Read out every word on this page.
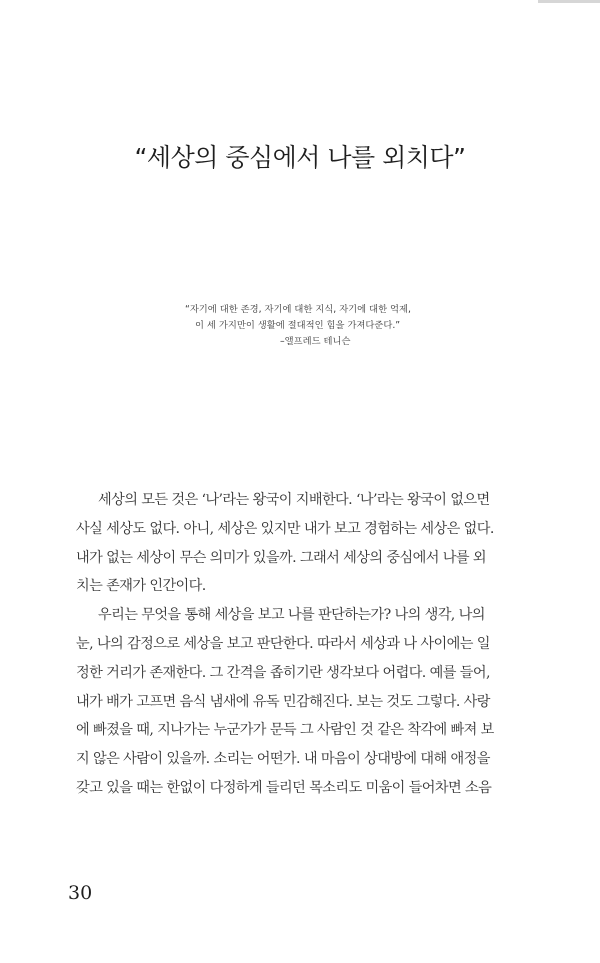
“세상의 중심에서 나를 외치다”
“자기에 대한 존경, 자기에 대한 지식, 자기에 대한 억제,
이 세 가지만이 생활에 절대적인 힘을 가져다준다.”
–앨프레드 테니슨
세상의 모든 것은 ‘나’라는 왕국이 지배한다. ‘나’라는 왕국이 없으면
사실 세상도 없다. 아니, 세상은 있지만 내가 보고 경험하는 세상은 없다.
내가 없는 세상이 무슨 의미가 있을까. 그래서 세상의 중심에서 나를 외
치는 존재가 인간이다.
우리는 무엇을 통해 세상을 보고 나를 판단하는가? 나의 생각, 나의
눈, 나의 감정으로 세상을 보고 판단한다. 따라서 세상과 나 사이에는 일
정한 거리가 존재한다. 그 간격을 좁히기란 생각보다 어렵다. 예를 들어,
내가 배가 고프면 음식 냄새에 유독 민감해진다. 보는 것도 그렇다. 사랑
에 빠졌을 때, 지나가는 누군가가 문득 그 사람인 것 같은 착각에 빠져 보
지 않은 사람이 있을까. 소리는 어떤가. 내 마음이 상대방에 대해 애정을
갖고 있을 때는 한없이 다정하게 들리던 목소리도 미움이 들어차면 소음
30
